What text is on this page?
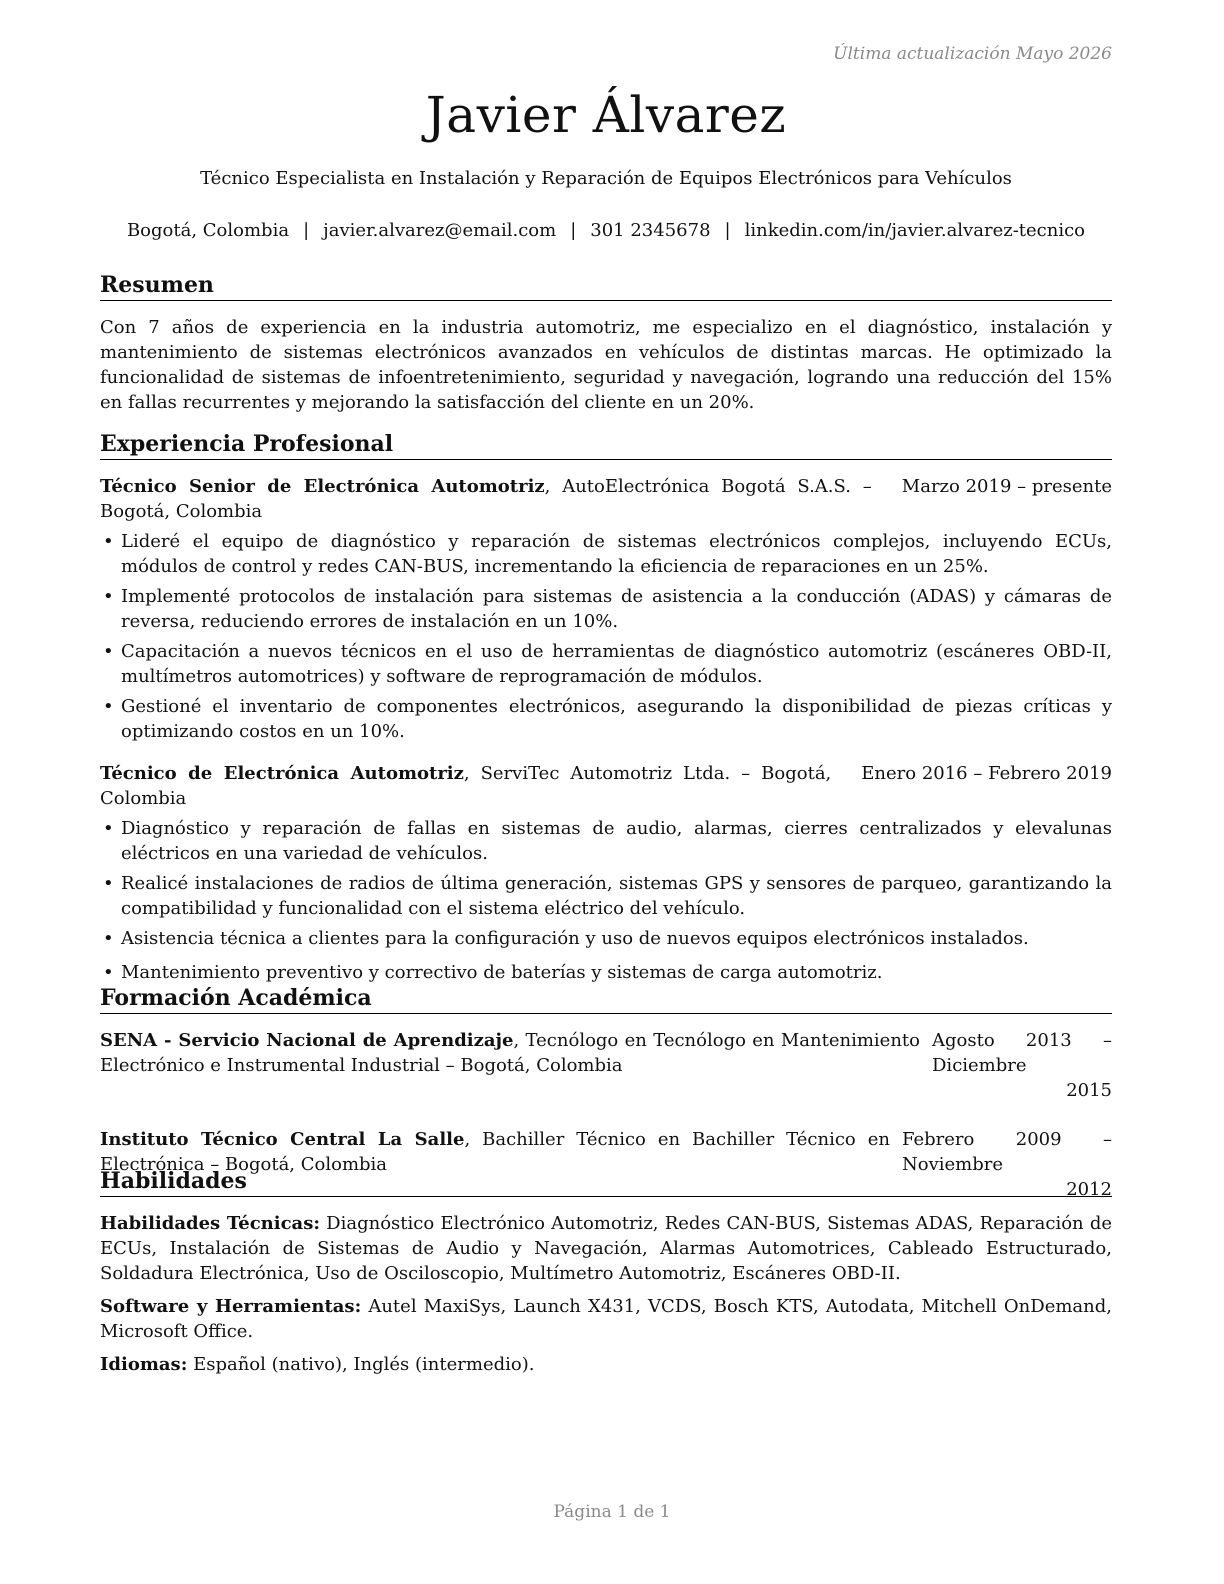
Última actualización Mayo 2026
Javier Álvarez
Técnico Especialista en Instalación y Reparación de Equipos Electrónicos para Vehículos
Bogotá, Colombia | javier.alvarez@email.com | 301 2345678 | linkedin.com/in/javier.alvarez-tecnico
Resumen

Con 7 años de experiencia en la industria automotriz, me especializo en el diagnóstico, instalación y mantenimiento de sistemas electrónicos avanzados en vehículos de distintas marcas. He optimizado la funcionalidad de sistemas de infoentretenimiento, seguridad y navegación, logrando una reducción del 15% en fallas recurrentes y mejorando la satisfacción del cliente en un 20%.

Experiencia Profesional
Técnico Senior de Electrónica Automotriz, AutoElectrónica Bogotá S.A.S. – Bogotá, Colombia
Marzo 2019 – presente
• Lideré el equipo de diagnóstico y reparación de sistemas electrónicos complejos, incluyendo ECUs, módulos de control y redes CAN-BUS, incrementando la eficiencia de reparaciones en un 25%.
• Implementé protocolos de instalación para sistemas de asistencia a la conducción (ADAS) y cámaras de reversa, reduciendo errores de instalación en un 10%.
• Capacitación a nuevos técnicos en el uso de herramientas de diagnóstico automotriz (escáneres OBD-II, multímetros automotrices) y software de reprogramación de módulos.
• Gestioné el inventario de componentes electrónicos, asegurando la disponibilidad de piezas críticas y optimizando costos en un 10%.
Técnico de Electrónica Automotriz, ServiTec Automotriz Ltda. – Bogotá, Colombia
Enero 2016 – Febrero 2019
• Diagnóstico y reparación de fallas en sistemas de audio, alarmas, cierres centralizados y elevalunas eléctricos en una variedad de vehículos.
• Realicé instalaciones de radios de última generación, sistemas GPS y sensores de parqueo, garantizando la compatibilidad y funcionalidad con el sistema eléctrico del vehículo.
• Asistencia técnica a clientes para la configuración y uso de nuevos equipos electrónicos instalados.
• Mantenimiento preventivo y correctivo de baterías y sistemas de carga automotriz.
Formación Académica
SENA - Servicio Nacional de Aprendizaje, Tecnólogo en Tecnólogo en Mantenimiento Electrónico e Instrumental Industrial – Bogotá, Colombia
Agosto 2013 – Diciembre
2015
Instituto Técnico Central La Salle, Bachiller Técnico en Bachiller Técnico en Electrónica – Bogotá, Colombia
Febrero 2009 – Noviembre
2012
Habilidades

Habilidades Técnicas: Diagnóstico Electrónico Automotriz, Redes CAN-BUS, Sistemas ADAS, Reparación de ECUs, Instalación de Sistemas de Audio y Navegación, Alarmas Automotrices, Cableado Estructurado, Soldadura Electrónica, Uso de Osciloscopio, Multímetro Automotriz, Escáneres OBD-II.

Software y Herramientas: Autel MaxiSys, Launch X431, VCDS, Bosch KTS, Autodata, Mitchell OnDemand, Microsoft Office.

Idiomas: Español (nativo), Inglés (intermedio).

Página 1 de 1
